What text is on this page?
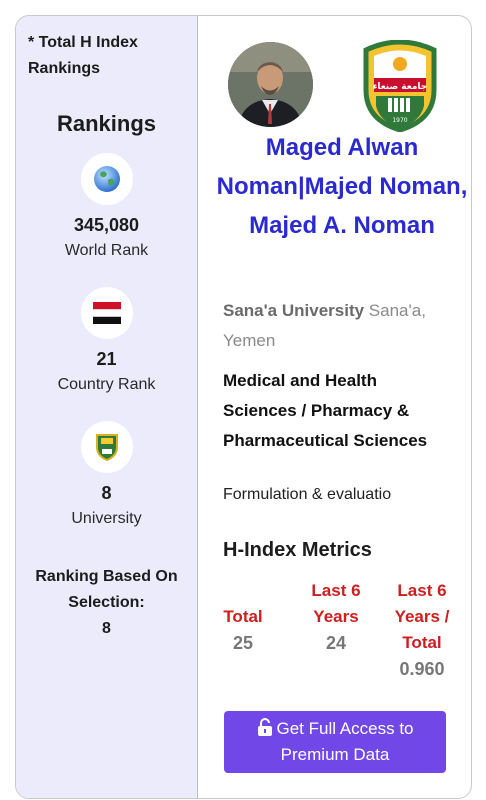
* Total H Index Rankings
Rankings
345,080
World Rank
21
Country Rank
8
University
Ranking Based On Selection:
8
جامعة صنعاء
1970
Maged Alwan Noman|Majed Noman, Majed A. Noman
Sana'a University Sana'a, Yemen
Medical and Health Sciences / Pharmacy & Pharmaceutical Sciences
Formulation & evaluatio
H-Index Metrics
Total
25
Last 6 Years
24
Last 6 Years / Total
0.960
Get Full Access to Premium Data
